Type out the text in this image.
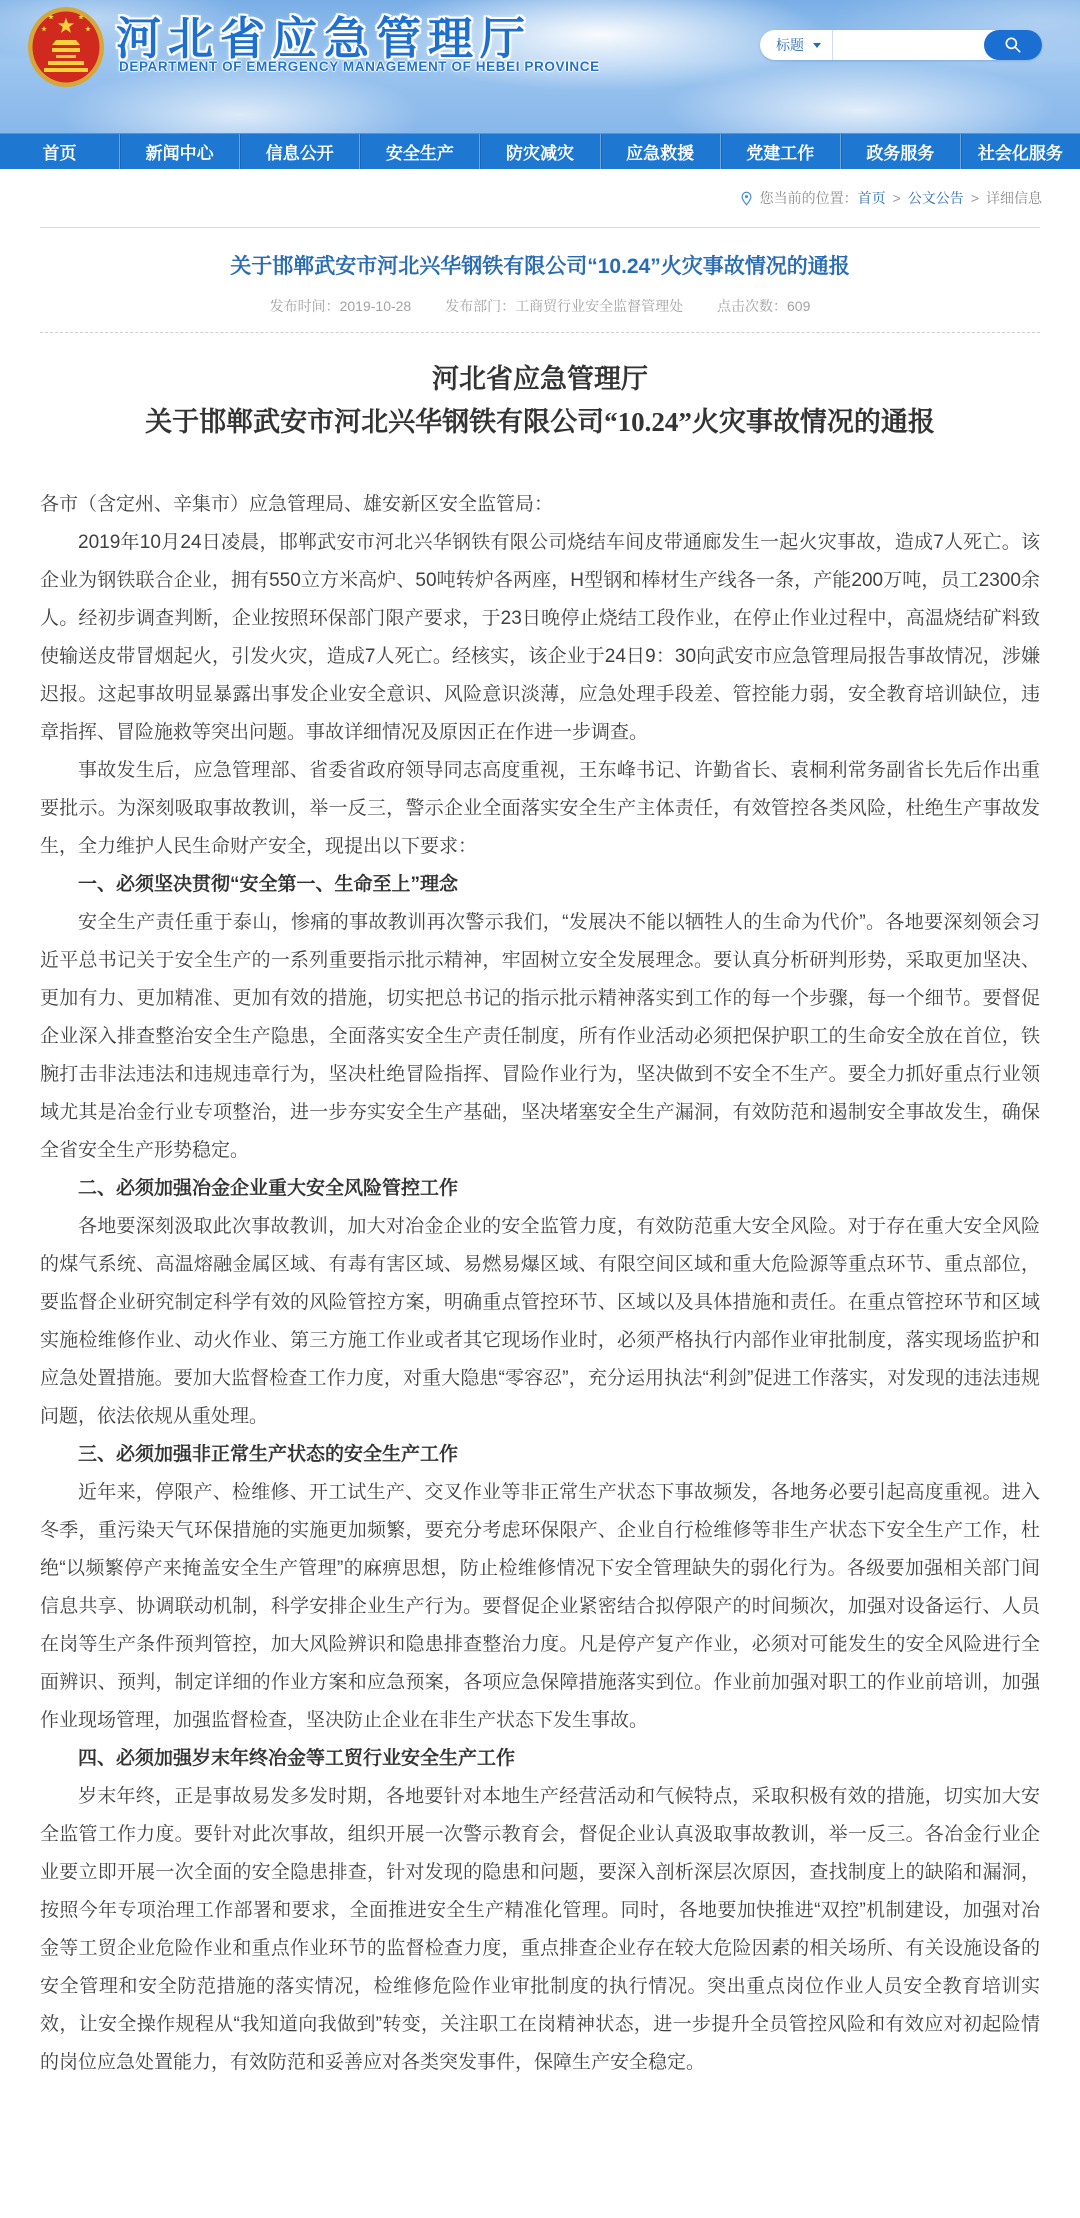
河北省应急管理厅
DEPARTMENT OF EMERGENCY MANAGEMENT OF HEBEI PROVINCE
标题
首页	新闻中心	信息公开	安全生产	防灾减灾	应急救援	党建工作	政务服务	社会化服务
您当前的位置： 首页 > 公文公告 > 详细信息
关于邯郸武安市河北兴华钢铁有限公司“10.24”火灾事故情况的通报
发布时间：2019-10-28 发布部门：工商贸行业安全监督管理处 点击次数：609
河北省应急管理厅
关于邯郸武安市河北兴华钢铁有限公司“10.24”火灾事故情况的通报

各市（含定州、辛集市）应急管理局、雄安新区安全监管局：

2019年10月24日凌晨，邯郸武安市河北兴华钢铁有限公司烧结车间皮带通廊发生一起火灾事故，造成7人死亡。该企业为钢铁联合企业，拥有550立方米高炉、50吨转炉各两座，H型钢和棒材生产线各一条，产能200万吨，员工2300余人。经初步调查判断，企业按照环保部门限产要求，于23日晚停止烧结工段作业，在停止作业过程中，高温烧结矿料致使输送皮带冒烟起火，引发火灾，造成7人死亡。经核实，该企业于24日9：30向武安市应急管理局报告事故情况，涉嫌迟报。这起事故明显暴露出事发企业安全意识、风险意识淡薄，应急处理手段差、管控能力弱，安全教育培训缺位，违章指挥、冒险施救等突出问题。事故详细情况及原因正在作进一步调查。

事故发生后，应急管理部、省委省政府领导同志高度重视，王东峰书记、许勤省长、袁桐利常务副省长先后作出重要批示。为深刻吸取事故教训，举一反三，警示企业全面落实安全生产主体责任，有效管控各类风险，杜绝生产事故发生，全力维护人民生命财产安全，现提出以下要求：

一、必须坚决贯彻“安全第一、生命至上”理念

安全生产责任重于泰山，惨痛的事故教训再次警示我们，“发展决不能以牺牲人的生命为代价”。各地要深刻领会习近平总书记关于安全生产的一系列重要指示批示精神，牢固树立安全发展理念。要认真分析研判形势，采取更加坚决、更加有力、更加精准、更加有效的措施，切实把总书记的指示批示精神落实到工作的每一个步骤，每一个细节。要督促企业深入排查整治安全生产隐患，全面落实安全生产责任制度，所有作业活动必须把保护职工的生命安全放在首位，铁腕打击非法违法和违规违章行为，坚决杜绝冒险指挥、冒险作业行为，坚决做到不安全不生产。要全力抓好重点行业领域尤其是冶金行业专项整治，进一步夯实安全生产基础，坚决堵塞安全生产漏洞，有效防范和遏制安全事故发生，确保全省安全生产形势稳定。

二、必须加强冶金企业重大安全风险管控工作

各地要深刻汲取此次事故教训，加大对冶金企业的安全监管力度，有效防范重大安全风险。对于存在重大安全风险的煤气系统、高温熔融金属区域、有毒有害区域、易燃易爆区域、有限空间区域和重大危险源等重点环节、重点部位，要监督企业研究制定科学有效的风险管控方案，明确重点管控环节、区域以及具体措施和责任。在重点管控环节和区域实施检维修作业、动火作业、第三方施工作业或者其它现场作业时，必须严格执行内部作业审批制度，落实现场监护和应急处置措施。要加大监督检查工作力度，对重大隐患“零容忍”，充分运用执法“利剑”促进工作落实，对发现的违法违规问题，依法依规从重处理。

三、必须加强非正常生产状态的安全生产工作

近年来，停限产、检维修、开工试生产、交叉作业等非正常生产状态下事故频发，各地务必要引起高度重视。进入冬季，重污染天气环保措施的实施更加频繁，要充分考虑环保限产、企业自行检维修等非生产状态下安全生产工作，杜绝“以频繁停产来掩盖安全生产管理”的麻痹思想，防止检维修情况下安全管理缺失的弱化行为。各级要加强相关部门间信息共享、协调联动机制，科学安排企业生产行为。要督促企业紧密结合拟停限产的时间频次，加强对设备运行、人员在岗等生产条件预判管控，加大风险辨识和隐患排查整治力度。凡是停产复产作业，必须对可能发生的安全风险进行全面辨识、预判，制定详细的作业方案和应急预案，各项应急保障措施落实到位。作业前加强对职工的作业前培训，加强作业现场管理，加强监督检查，坚决防止企业在非生产状态下发生事故。

四、必须加强岁末年终冶金等工贸行业安全生产工作

岁末年终，正是事故易发多发时期，各地要针对本地生产经营活动和气候特点，采取积极有效的措施，切实加大安全监管工作力度。要针对此次事故，组织开展一次警示教育会，督促企业认真汲取事故教训，举一反三。各冶金行业企业要立即开展一次全面的安全隐患排查，针对发现的隐患和问题，要深入剖析深层次原因，查找制度上的缺陷和漏洞，按照今年专项治理工作部署和要求，全面推进安全生产精准化管理。同时，各地要加快推进“双控”机制建设，加强对冶金等工贸企业危险作业和重点作业环节的监督检查力度，重点排查企业存在较大危险因素的相关场所、有关设施设备的安全管理和安全防范措施的落实情况，检维修危险作业审批制度的执行情况。突出重点岗位作业人员安全教育培训实效，让安全操作规程从“我知道向我做到”转变，关注职工在岗精神状态，进一步提升全员管控风险和有效应对初起险情的岗位应急处置能力，有效防范和妥善应对各类突发事件，保障生产安全稳定。
